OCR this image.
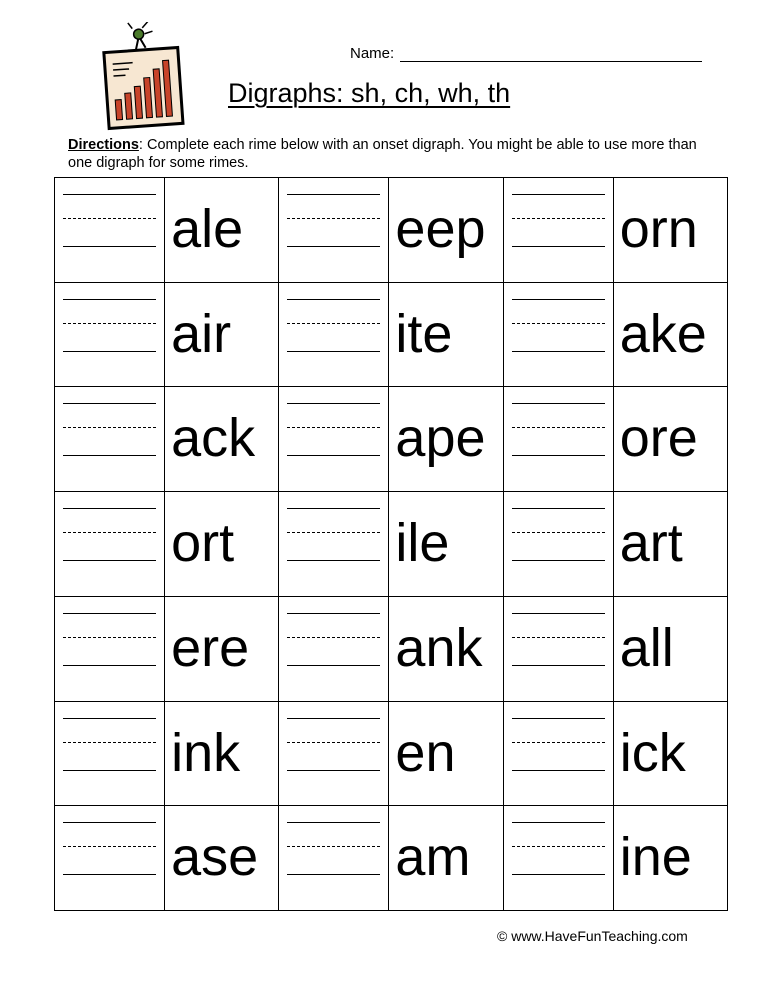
Name:
Digraphs: sh, ch, wh, th
Directions: Complete each rime below with an onset digraph. You might be able to use more than one digraph for some rimes.

	ale		eep		orn

	air		ite		ake

	ack		ape		ore

	ort		ile		art

	ere		ank		all

	ink		en		ick

	ase		am		ine
© www.HaveFunTeaching.com
